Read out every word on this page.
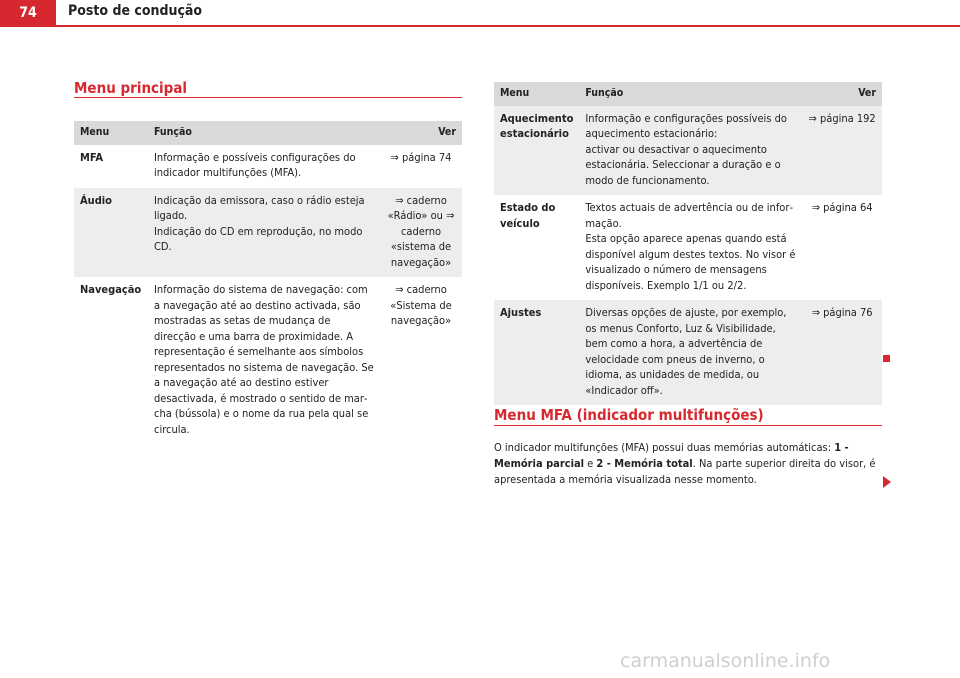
74	Posto de condução
Menu principal
Menu	Função	Ver
MFA	Informação e possíveis configurações do indicador multifunções (MFA).	⇒ página 74
Áudio	Indicação da emissora, caso o rádio esteja ligado.
Indicação do CD em reprodução, no modo CD.	⇒ caderno «Rádio» ou ⇒ caderno «sistema de navegação»
Navegação	Informação do sistema de navegação: com a navegação até ao destino activada, são mostradas as setas de mudança de direcção e uma barra de proximidade. A representação é semelhante aos símbolos representados no sistema de navegação. Se a navegação até ao destino estiver desactivada, é mostrado o sentido de marcha (bússola) e o nome da rua pela qual se circula.	⇒ caderno «Sistema de navegação»
Menu	Função	Ver
Aquecimento estacionário	Informação e configurações possíveis do aquecimento estacionário:
activar ou desactivar o aquecimento estacionária. Seleccionar a duração e o modo de funcionamento.	⇒ página 192
Estado do veículo	Textos actuais de advertência ou de informação.
Esta opção aparece apenas quando está disponível algum destes textos. No visor é visualizado o número de mensagens disponíveis. Exemplo 1/1 ou 2/2.	⇒ página 64
Ajustes	Diversas opções de ajuste, por exemplo, os menus Conforto, Luz & Visibilidade, bem como a hora, a advertência de velocidade com pneus de inverno, o idioma, as unidades de medida, ou «Indicador off».	⇒ página 76
Menu MFA (indicador multifunções)
O indicador multifunções (MFA) possui duas memórias automáticas: 1 - Memória parcial e 2 - Memória total. Na parte superior direita do visor, é apresentada a memória visualizada nesse momento.
carmanualsonline.info
